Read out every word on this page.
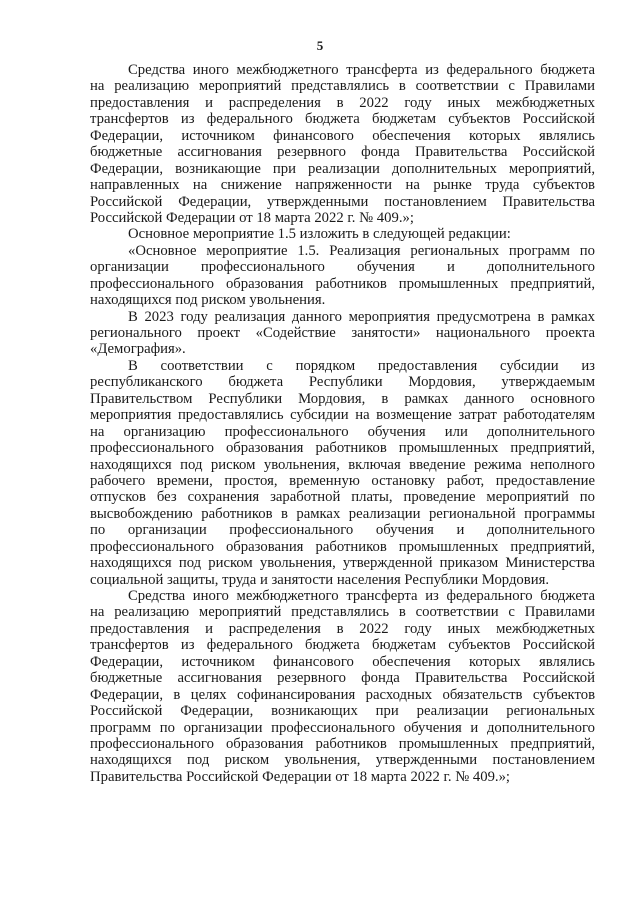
5

Средства иного межбюджетного трансферта из федерального бюджета
на реализацию мероприятий представлялись в соответствии с Правилами
предоставления и распределения в 2022 году иных межбюджетных
трансфертов из федерального бюджета бюджетам субъектов Российской
Федерации, источником финансового обеспечения которых являлись
бюджетные ассигнования резервного фонда Правительства Российской
Федерации, возникающие при реализации дополнительных мероприятий,
направленных на снижение напряженности на рынке труда субъектов
Российской Федерации, утвержденными постановлением Правительства
Российской Федерации от 18 марта 2022 г. № 409.»;

Основное мероприятие 1.5 изложить в следующей редакции:

«Основное мероприятие 1.5. Реализация региональных программ по
организации профессионального обучения и дополнительного
профессионального образования работников промышленных предприятий,
находящихся под риском увольнения.

В 2023 году реализация данного мероприятия предусмотрена в рамках
регионального проект «Содействие занятости» национального проекта
«Демография».

В соответствии с порядком предоставления субсидии из
республиканского бюджета Республики Мордовия, утверждаемым
Правительством Республики Мордовия, в рамках данного основного
мероприятия предоставлялись субсидии на возмещение затрат работодателям
на организацию профессионального обучения или дополнительного
профессионального образования работников промышленных предприятий,
находящихся под риском увольнения, включая введение режима неполного
рабочего времени, простоя, временную остановку работ, предоставление
отпусков без сохранения заработной платы, проведение мероприятий по
высвобождению работников в рамках реализации региональной программы
по организации профессионального обучения и дополнительного
профессионального образования работников промышленных предприятий,
находящихся под риском увольнения, утвержденной приказом Министерства
социальной защиты, труда и занятости населения Республики Мордовия.

Средства иного межбюджетного трансферта из федерального бюджета
на реализацию мероприятий представлялись в соответствии с Правилами
предоставления и распределения в 2022 году иных межбюджетных
трансфертов из федерального бюджета бюджетам субъектов Российской
Федерации, источником финансового обеспечения которых являлись
бюджетные ассигнования резервного фонда Правительства Российской
Федерации, в целях софинансирования расходных обязательств субъектов
Российской Федерации, возникающих при реализации региональных
программ по организации профессионального обучения и дополнительного
профессионального образования работников промышленных предприятий,
находящихся под риском увольнения, утвержденными постановлением
Правительства Российской Федерации от 18 марта 2022 г. № 409.»;
